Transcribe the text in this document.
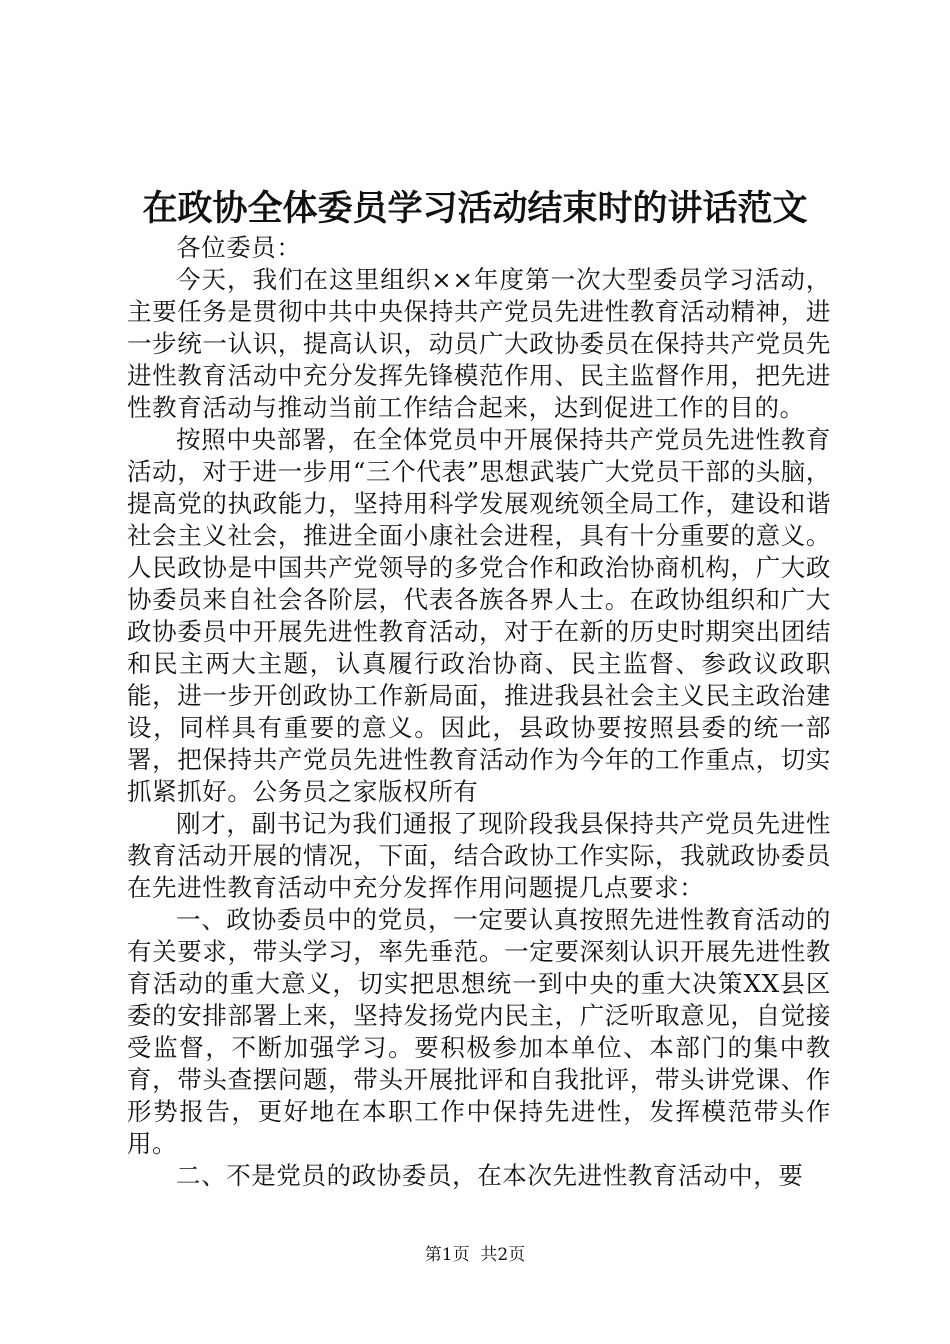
在政协全体委员学习活动结束时的讲话范文

各位委员：

今天，我们在这里组织××年度第一次大型委员学习活动，主要任务是贯彻中共中央保持共产党员先进性教育活动精神，进一步统一认识，提高认识，动员广大政协委员在保持共产党员先进性教育活动中充分发挥先锋模范作用、民主监督作用，把先进性教育活动与推动当前工作结合起来，达到促进工作的目的。

按照中央部署，在全体党员中开展保持共产党员先进性教育活动，对于进一步用“三个代表”思想武装广大党员干部的头脑，提高党的执政能力，坚持用科学发展观统领全局工作，建设和谐社会主义社会，推进全面小康社会进程，具有十分重要的意义。人民政协是中国共产党领导的多党合作和政治协商机构，广大政协委员来自社会各阶层，代表各族各界人士。在政协组织和广大政协委员中开展先进性教育活动，对于在新的历史时期突出团结和民主两大主题，认真履行政治协商、民主监督、参政议政职能，进一步开创政协工作新局面，推进我县社会主义民主政治建设，同样具有重要的意义。因此，县政协要按照县委的统一部署，把保持共产党员先进性教育活动作为今年的工作重点，切实抓紧抓好。公务员之家版权所有

刚才，副书记为我们通报了现阶段我县保持共产党员先进性教育活动开展的情况，下面，结合政协工作实际，我就政协委员在先进性教育活动中充分发挥作用问题提几点要求：

一、政协委员中的党员，一定要认真按照先进性教育活动的有关要求，带头学习，率先垂范。一定要深刻认识开展先进性教育活动的重大意义，切实把思想统一到中央的重大决策XX县区委的安排部署上来，坚持发扬党内民主，广泛听取意见，自觉接受监督，不断加强学习。要积极参加本单位、本部门的集中教育，带头查摆问题，带头开展批评和自我批评，带头讲党课、作形势报告，更好地在本职工作中保持先进性，发挥模范带头作用。

二、不是党员的政协委员，在本次先进性教育活动中，要

第1页  共2页
